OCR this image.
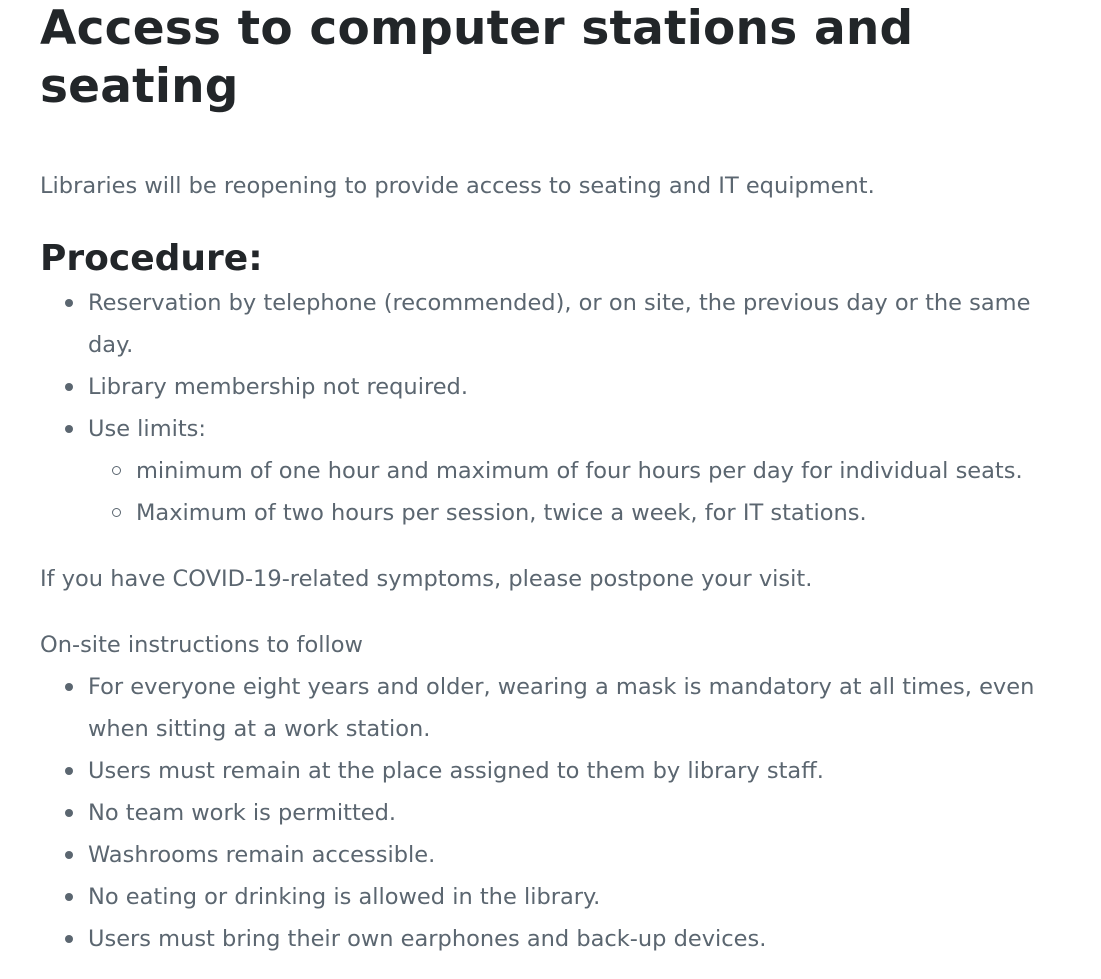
Access to computer stations and seating

Libraries will be reopening to provide access to seating and IT equipment.

Procedure:
Reservation by telephone (recommended), or on site, the previous day or the same day.
Library membership not required.
Use limits:
minimum of one hour and maximum of four hours per day for individual seats.
Maximum of two hours per session, twice a week, for IT stations.

If you have COVID-19-related symptoms, please postpone your visit.

On-site instructions to follow

For everyone eight years and older, wearing a mask is mandatory at all times, even when sitting at a work station.
Users must remain at the place assigned to them by library staff.
No team work is permitted.
Washrooms remain accessible.
No eating or drinking is allowed in the library.
Users must bring their own earphones and back-up devices.
